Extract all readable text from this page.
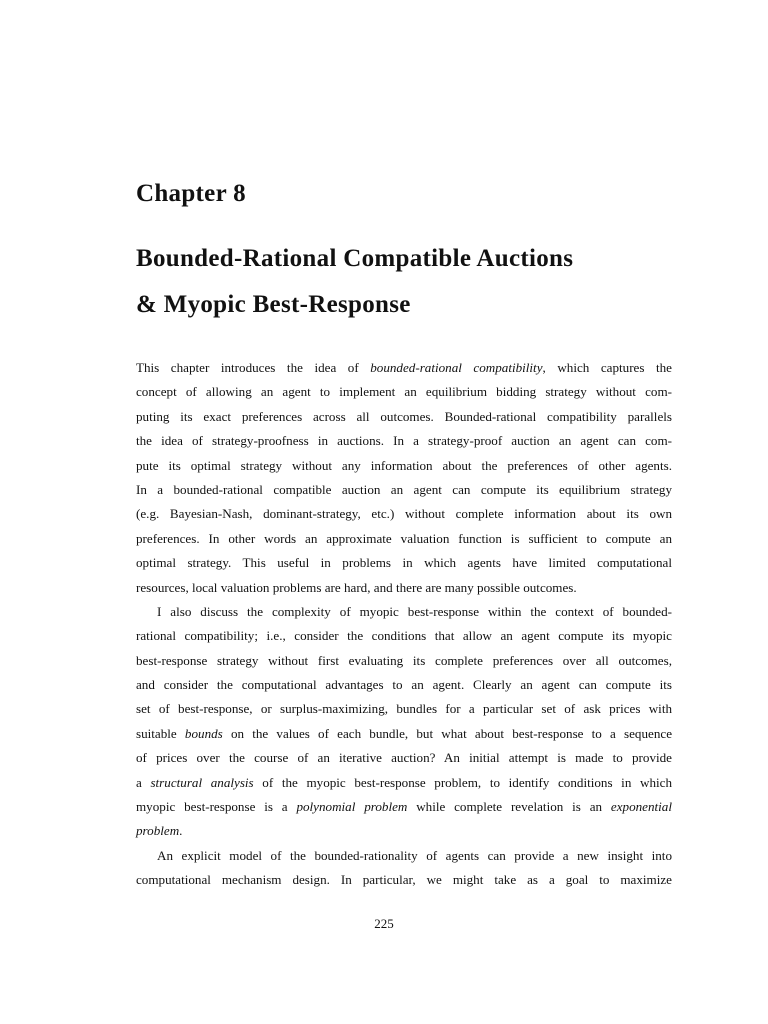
Chapter 8
Bounded-Rational Compatible Auctions
& Myopic Best-Response
This chapter introduces the idea of bounded-rational compatibility, which captures the
concept of allowing an agent to implement an equilibrium bidding strategy without com-
puting its exact preferences across all outcomes. Bounded-rational compatibility parallels
the idea of strategy-proofness in auctions. In a strategy-proof auction an agent can com-
pute its optimal strategy without any information about the preferences of other agents.
In a bounded-rational compatible auction an agent can compute its equilibrium strategy
(e.g. Bayesian-Nash, dominant-strategy, etc.) without complete information about its own
preferences. In other words an approximate valuation function is sufficient to compute an
optimal strategy. This useful in problems in which agents have limited computational
resources, local valuation problems are hard, and there are many possible outcomes.
I also discuss the complexity of myopic best-response within the context of bounded-
rational compatibility; i.e., consider the conditions that allow an agent compute its myopic
best-response strategy without first evaluating its complete preferences over all outcomes,
and consider the computational advantages to an agent. Clearly an agent can compute its
set of best-response, or surplus-maximizing, bundles for a particular set of ask prices with
suitable bounds on the values of each bundle, but what about best-response to a sequence
of prices over the course of an iterative auction? An initial attempt is made to provide
a structural analysis of the myopic best-response problem, to identify conditions in which
myopic best-response is a polynomial problem while complete revelation is an exponential
problem.
An explicit model of the bounded-rationality of agents can provide a new insight into
computational mechanism design. In particular, we might take as a goal to maximize
225
